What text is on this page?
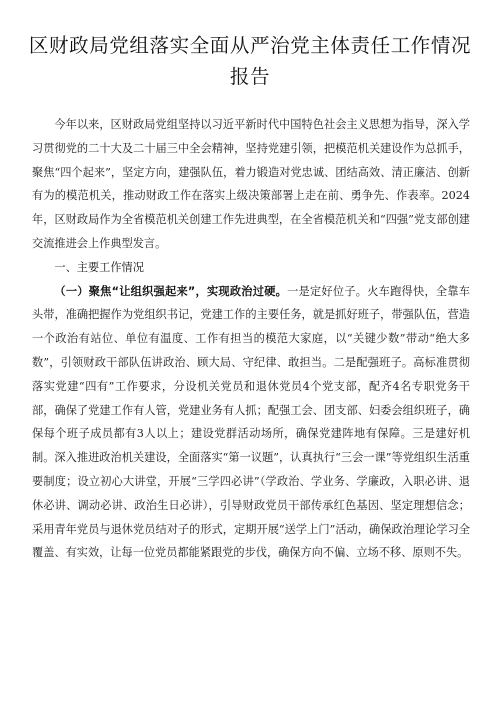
区财政局党组落实全面从严治党主体责任工作情况报告

今年以来，区财政局党组坚持以习近平新时代中国特色社会主义思想为指导，深入学习贯彻党的二十大及二十届三中全会精神，坚持党建引领，把模范机关建设作为总抓手，聚焦“四个起来”，坚定方向，建强队伍，着力锻造对党忠诚、团结高效、清正廉洁、创新有为的模范机关，推动财政工作在落实上级决策部署上走在前、勇争先、作表率。2024年，区财政局作为全省模范机关创建工作先进典型，在全省模范机关和“四强”党支部创建交流推进会上作典型发言。

一、主要工作情况

（一）聚焦“让组织强起来”，实现政治过硬。一是定好位子。火车跑得快，全靠车头带，准确把握作为党组织书记，党建工作的主要任务，就是抓好班子，带强队伍，营造一个政治有站位、单位有温度、工作有担当的模范大家庭，以“关键少数”带动“绝大多数”，引领财政干部队伍讲政治、顾大局、守纪律、敢担当。二是配强班子。高标准贯彻落实党建“四有”工作要求，分设机关党员和退休党员4个党支部，配齐4名专职党务干部，确保了党建工作有人管，党建业务有人抓；配强工会、团支部、妇委会组织班子，确保每个班子成员都有3人以上；建设党群活动场所，确保党建阵地有保障。三是建好机制。深入推进政治机关建设，全面落实“第一议题”，认真执行“三会一课”等党组织生活重要制度；设立初心大讲堂，开展“三学四必讲”（学政治、学业务、学廉政，入职必讲、退休必讲、调动必讲、政治生日必讲），引导财政党员干部传承红色基因、坚定理想信念；采用青年党员与退休党员结对子的形式，定期开展“送学上门”活动，确保政治理论学习全覆盖、有实效，让每一位党员都能紧跟党的步伐，确保方向不偏、立场不移、原则不失。
